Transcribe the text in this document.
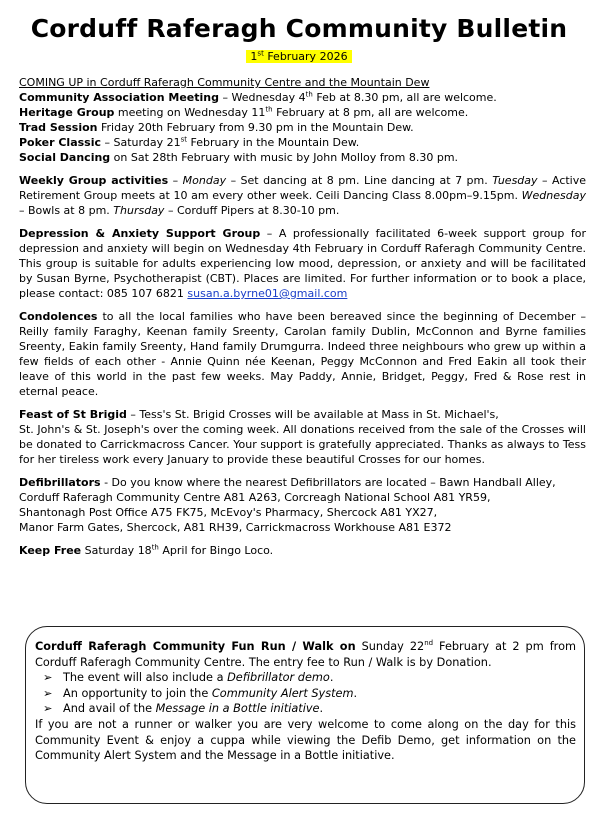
Corduff Raferagh Community Bulletin
1st February 2026
COMING UP in Corduff Raferagh Community Centre and the Mountain Dew
Community Association Meeting – Wednesday 4th Feb at 8.30 pm, all are welcome.
Heritage Group meeting on Wednesday 11th February at 8 pm, all are welcome.
Trad Session Friday 20th February from 9.30 pm in the Mountain Dew.
Poker Classic – Saturday 21st February in the Mountain Dew.
Social Dancing on Sat 28th February with music by John Molloy from 8.30 pm.

Weekly Group activities – Monday – Set dancing at 8 pm. Line dancing at 7 pm. Tuesday – Active Retirement Group meets at 10 am every other week. Ceili Dancing Class 8.00pm–9.15pm. Wednesday – Bowls at 8 pm. Thursday – Corduff Pipers at 8.30-10 pm.

Depression & Anxiety Support Group – A professionally facilitated 6-week support group for depression and anxiety will begin on Wednesday 4th February in Corduff Raferagh Community Centre. This group is suitable for adults experiencing low mood, depression, or anxiety and will be facilitated by Susan Byrne, Psychotherapist (CBT). Places are limited. For further information or to book a place, please contact: 085 107 6821 susan.a.byrne01@gmail.com

Condolences to all the local families who have been bereaved since the beginning of December – Reilly family Faraghy, Keenan family Sreenty, Carolan family Dublin, McConnon and Byrne families Sreenty, Eakin family Sreenty, Hand family Drumgurra. Indeed three neighbours who grew up within a few fields of each other - Annie Quinn née Keenan, Peggy McConnon and Fred Eakin all took their leave of this world in the past few weeks. May Paddy, Annie, Bridget, Peggy, Fred & Rose rest in eternal peace.

Feast of St Brigid – Tess's St. Brigid Crosses will be available at Mass in St. Michael's,
St. John's & St. Joseph's over the coming week. All donations received from the sale of the Crosses will be donated to Carrickmacross Cancer. Your support is gratefully appreciated. Thanks as always to Tess for her tireless work every January to provide these beautiful Crosses for our homes.

Defibrillators - Do you know where the nearest Defibrillators are located – Bawn Handball Alley,
Corduff Raferagh Community Centre A81 A263, Corcreagh National School A81 YR59,
Shantonagh Post Office A75 FK75, McEvoy's Pharmacy, Shercock A81 YX27,
Manor Farm Gates, Shercock, A81 RH39, Carrickmacross Workhouse A81 E372

Keep Free Saturday 18th April for Bingo Loco.

Corduff Raferagh Community Fun Run / Walk on Sunday 22nd February at 2 pm from Corduff Raferagh Community Centre. The entry fee to Run / Walk is by Donation.
➢ The event will also include a Defibrillator demo.
➢ An opportunity to join the Community Alert System.
➢ And avail of the Message in a Bottle initiative.
If you are not a runner or walker you are very welcome to come along on the day for this Community Event & enjoy a cuppa while viewing the Defib Demo, get information on the Community Alert System and the Message in a Bottle initiative.
